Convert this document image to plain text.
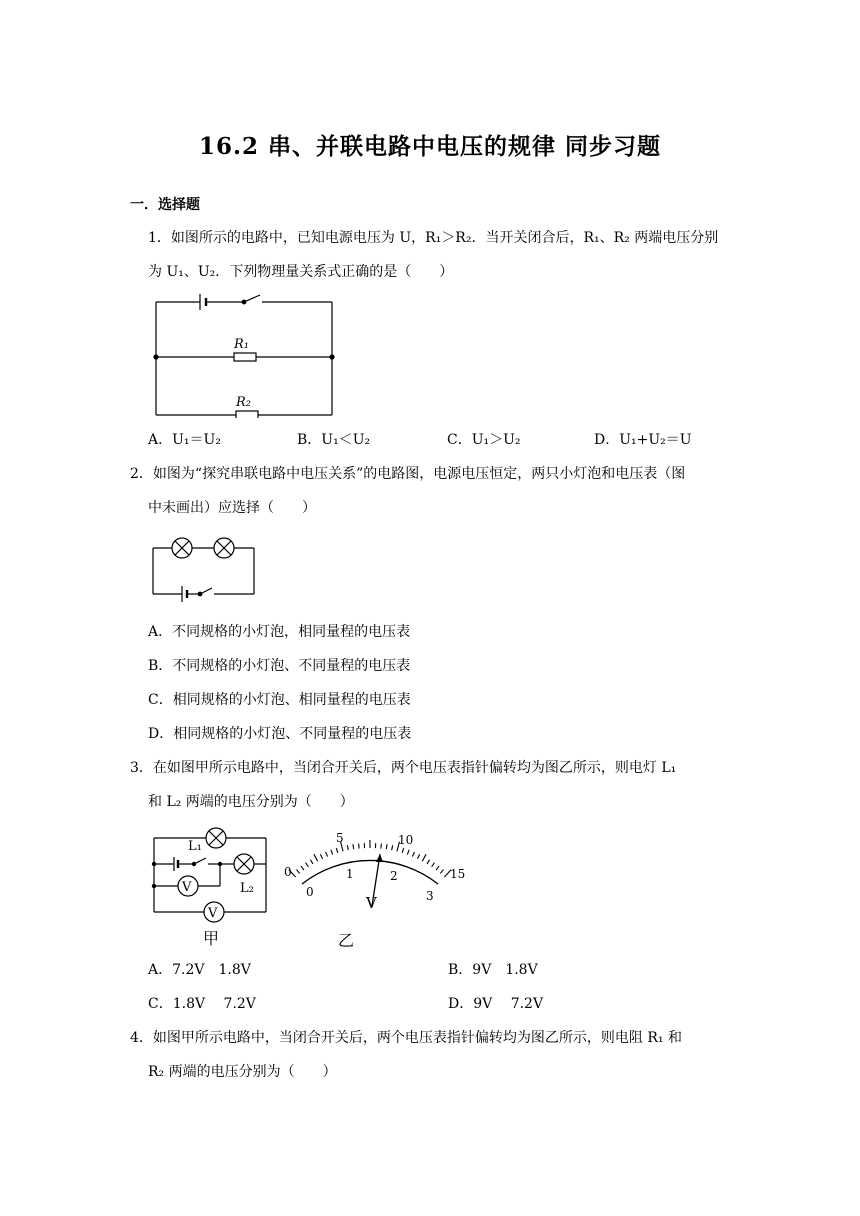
16.2 串、并联电路中电压的规律 同步习题
一．选择题
1．如图所示的电路中，已知电源电压为 U，R₁＞R₂．当开关闭合后，R₁、R₂ 两端电压分别
为 U₁、U₂．下列物理量关系式正确的是（　　）
R₁
R₂
A．U₁＝U₂	B．U₁＜U₂	C．U₁＞U₂	D．U₁+U₂＝U
2．如图为“探究串联电路中电压关系”的电路图，电源电压恒定，两只小灯泡和电压表（图
中未画出）应选择（　　）
A．不同规格的小灯泡，相同量程的电压表
B．不同规格的小灯泡、不同量程的电压表
C．相同规格的小灯泡、相同量程的电压表
D．相同规格的小灯泡、不同量程的电压表
3．在如图甲所示电路中，当闭合开关后，两个电压表指针偏转均为图乙所示，则电灯 L₁
和 L₂ 两端的电压分别为（　　）
V
V
L₁
L₂
甲
0
5	10
15
0
1	2
3
V
乙
A．7.2V　1.8V	B．9V　1.8V
C．1.8V　 7.2V	D．9V　 7.2V
4．如图甲所示电路中，当闭合开关后，两个电压表指针偏转均为图乙所示，则电阻 R₁ 和
R₂ 两端的电压分别为（　　）
